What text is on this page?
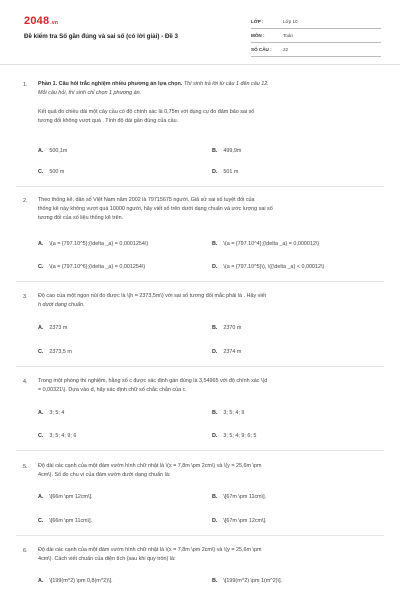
2048.vn
Đề kiểm tra Số gần đúng và sai số (có lời giải) - Đề 3
LỚP :	Lớp 10
MÔN :	Toán
SỐ CÂU :	22
1. Phần 1. Câu hỏi trắc nghiệm nhiều phương án lựa chọn. Thí sinh trả lời từ câu 1 đến câu 12.
Mỗi câu hỏi, thí sinh chỉ chọn 1 phương án.
Kết quả đo chiều dài một cây cầu có độ chính xác là 0,75m với dụng cụ đo đảm bảo sai số
tương đối không vượt quá . Tính độ dài gần đúng của cầu.
A. 500,1m	B. 499,9m
C. 500 m	D. 501 m
2. Theo thống kê, dân số Việt Nam năm 2002 là 79715675 người. Giả sử sai số tuyệt đối của
thống kê này không vượt quá 10000 người, hãy viết số trên dưới dạng chuẩn và ước lượng sai số
tương đối của số liệu thống kê trên.
A. \(a = {797.10^5};{\delta _a} = 0,0001254\)	B. \(a = {797.10^4};{\delta _a} = 0,000012\)
C. \(a = {797.10^6};{\delta _a} = 0,001254\)	D. \(a = {797.10^5}\), \({\delta _a} < 0,00012\)
3. Độ cao của một ngọn núi đo được là \(h = 2373,5m\) với sai số tương đối mắc phải là . Hãy viết
h dưới dạng chuẩn.
A. 2373 m	B. 2370 m
C. 2373,5 m	D. 2374 m
4. Trong một phòng thí nghiệm, hằng số c được xác định gần đúng là 3,54965 với độ chính xác \(d
= 0,00321\). Dựa vào d, hãy xác định chữ số chắc chắn của c.
A. 3; 5; 4	B. 3; 5; 4; 9
C. 3; 5; 4; 9; 6	D. 3; 5; 4; 9; 6; 5
5. Độ dài các cạnh của một đám vườn hình chữ nhật là \(x = 7,8m \pm 2cm\) và \(y = 25,6m \pm
4cm\). Số đo chu vi của đám vườn dưới dạng chuẩn là:
A. \[66m \pm 12cm\].	B. \[67m \pm 11cm\].
C. \[66m \pm 11cm\].	D. \[67m \pm 12cm\].
6. Độ dài các cạnh của một đám vườn hình chữ nhật là \(x = 7,8m \pm 2cm\) và \(y = 25,6m \pm
4cm\). Cách viết chuẩn của diện tích (sau khi quy tròn) là:
A. \[199(m^2) \pm 0,8(m^2)\].	B. \[199(m^2) \pm 1(m^2)\].
